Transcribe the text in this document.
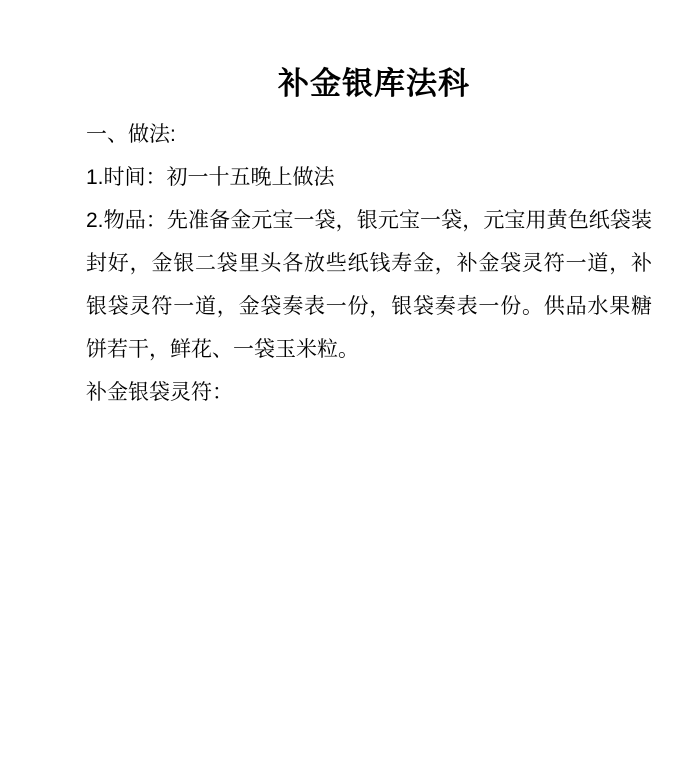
补金银库法科

一、做法:

1.时间：初一十五晚上做法

2.物品：先准备金元宝一袋，银元宝一袋，元宝用黄色纸袋装封好，金银二袋里头各放些纸钱寿金，补金袋灵符一道，补银袋灵符一道，金袋奏表一份，银袋奏表一份。供品水果糖饼若干，鲜花、一袋玉米粒。

补金银袋灵符：
